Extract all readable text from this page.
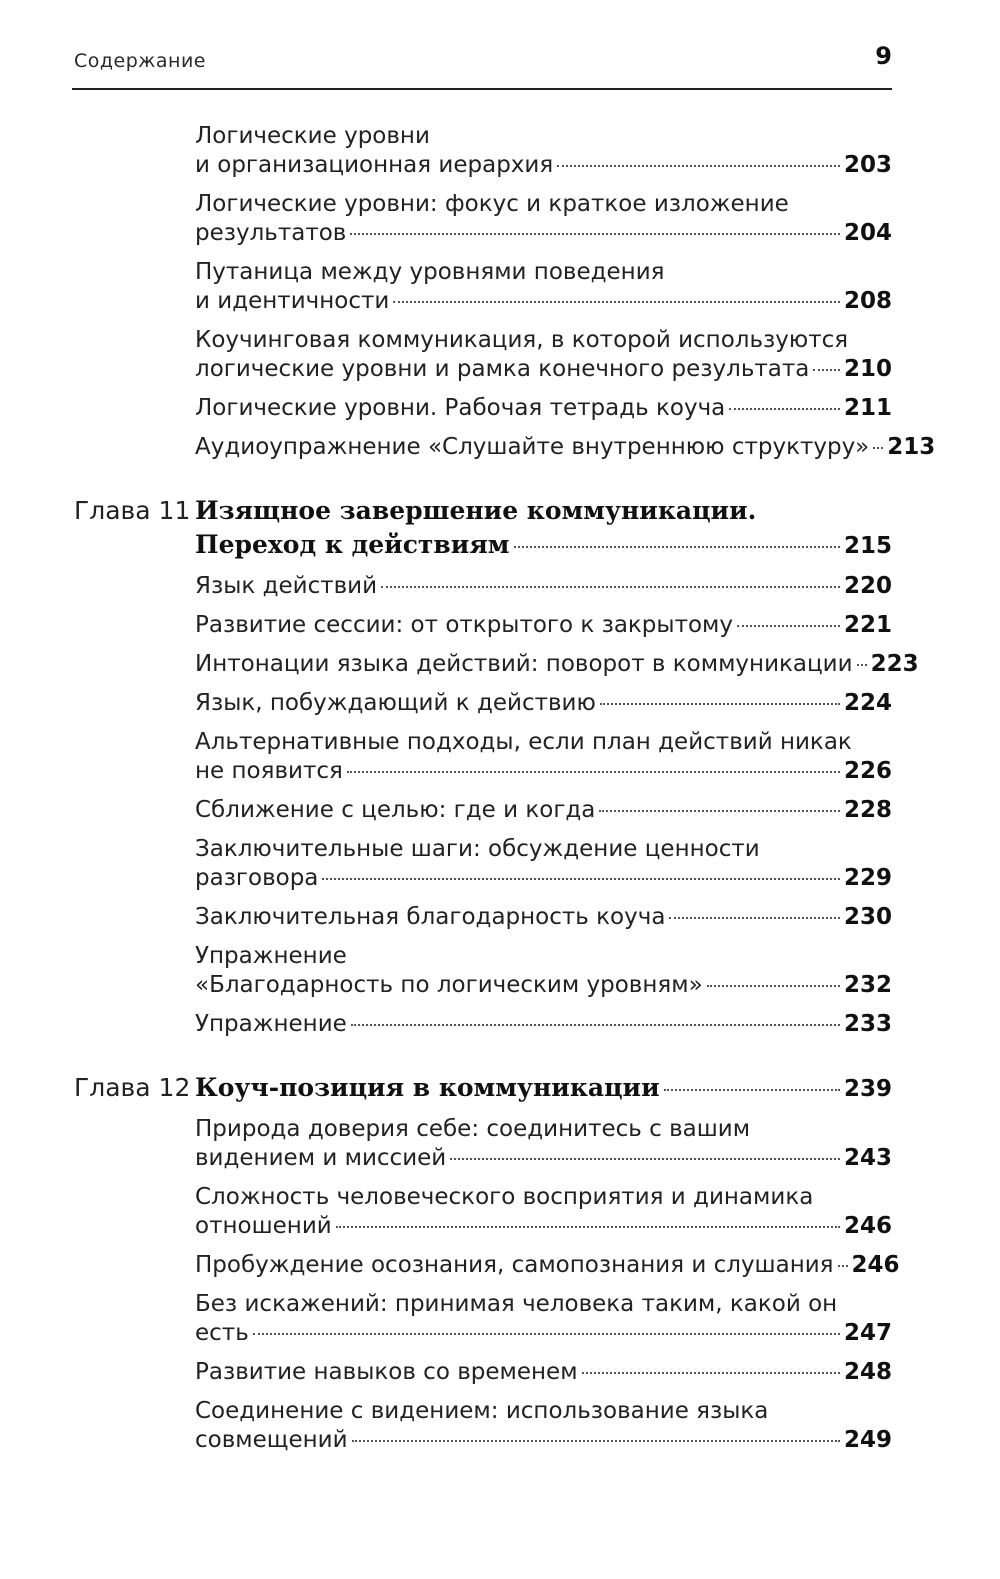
Содержание	9
Логические уровни
и организационная иерархия	203
Логические уровни: фокус и краткое изложение
результатов	204
Путаница между уровнями поведения
и идентичности	208
Коучинговая коммуникация, в которой используются
логические уровни и рамка конечного результата 210
Логические уровни. Рабочая тетрадь коуча	211
Аудиоупражнение «Слушайте внутреннюю структуру» 213
Глава 11 Изящное завершение коммуникации.
Переход к действиям	215
Язык действий	220
Развитие сессии: от открытого к закрытому	221
Интонации языка действий: поворот в коммуникации 223
Язык, побуждающий к действию	224
Альтернативные подходы, если план действий никак
не появится	226
Сближение с целью: где и когда	228
Заключительные шаги: обсуждение ценности
разговора	229
Заключительная благодарность коуча	230
Упражнение
«Благодарность по логическим уровням»	232
Упражнение	233
Глава 12 Коуч-позиция в коммуникации	239
Природа доверия себе: соединитесь с вашим
видением и миссией	243
Сложность человеческого восприятия и динамика
отношений	246
Пробуждение осознания, самопознания и слушания 246
Без искажений: принимая человека таким, какой он
есть	247
Развитие навыков со временем	248
Соединение с видением: использование языка
совмещений	249
